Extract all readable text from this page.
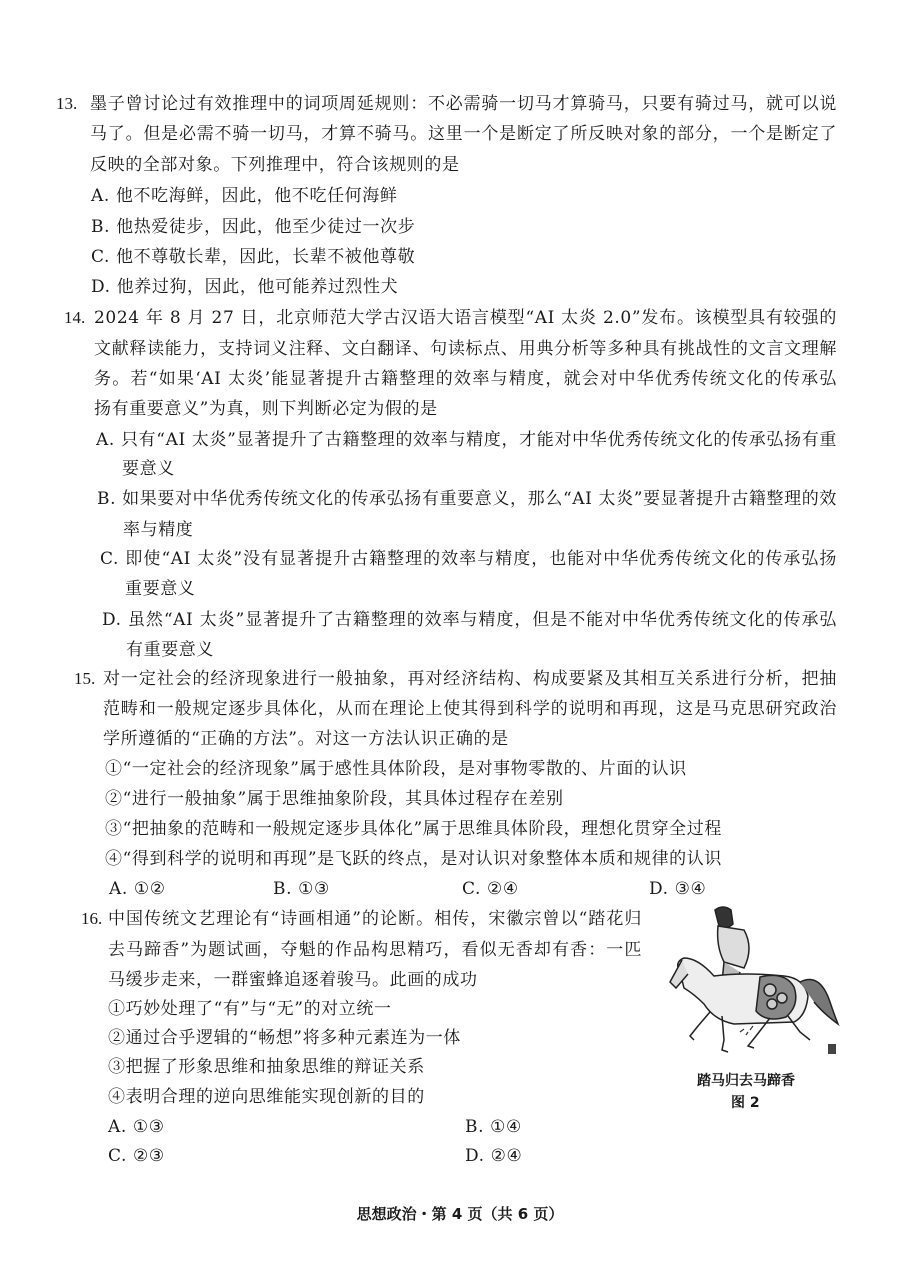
13. 墨子曾讨论过有效推理中的词项周延规则：不必需骑一切马才算骑马，只要有骑过马，就可以说
马了。但是必需不骑一切马，才算不骑马。这里一个是断定了所反映对象的部分，一个是断定了
反映的全部对象。下列推理中，符合该规则的是
A. 他不吃海鲜，因此，他不吃任何海鲜
B. 他热爱徒步，因此，他至少徒过一次步
C. 他不尊敬长辈，因此，长辈不被他尊敬
D. 他养过狗，因此，他可能养过烈性犬
14. 2024 年 8 月 27 日，北京师范大学古汉语大语言模型“AI 太炎 2.0”发布。该模型具有较强的
文献释读能力，支持词义注释、文白翻译、句读标点、用典分析等多种具有挑战性的文言文理解
务。若“如果‘AI 太炎’能显著提升古籍整理的效率与精度，就会对中华优秀传统文化的传承弘
扬有重要意义”为真，则下判断必定为假的是
A. 只有“AI 太炎”显著提升了古籍整理的效率与精度，才能对中华优秀传统文化的传承弘扬有重
要意义
B. 如果要对中华优秀传统文化的传承弘扬有重要意义，那么“AI 太炎”要显著提升古籍整理的效
率与精度
C. 即使“AI 太炎”没有显著提升古籍整理的效率与精度，也能对中华优秀传统文化的传承弘扬
重要意义
D. 虽然“AI 太炎”显著提升了古籍整理的效率与精度，但是不能对中华优秀传统文化的传承弘
有重要意义
15. 对一定社会的经济现象进行一般抽象，再对经济结构、构成要紧及其相互关系进行分析，把抽
范畴和一般规定逐步具体化，从而在理论上使其得到科学的说明和再现，这是马克思研究政治
学所遵循的“正确的方法”。对这一方法认识正确的是
①“一定社会的经济现象”属于感性具体阶段，是对事物零散的、片面的认识
②“进行一般抽象”属于思维抽象阶段，其具体过程存在差别
③“把抽象的范畴和一般规定逐步具体化”属于思维具体阶段，理想化贯穿全过程
④“得到科学的说明和再现”是飞跃的终点，是对认识对象整体本质和规律的认识
A. ①②	B. ①③	C. ②④	D. ③④
16. 中国传统文艺理论有“诗画相通”的论断。相传，宋徽宗曾以“踏花归
去马蹄香”为题试画，夺魁的作品构思精巧，看似无香却有香：一匹
马缓步走来，一群蜜蜂追逐着骏马。此画的成功
①巧妙处理了“有”与“无”的对立统一
②通过合乎逻辑的“畅想”将多种元素连为一体
③把握了形象思维和抽象思维的辩证关系
④表明合理的逆向思维能实现创新的目的
A. ①③	B. ①④
C. ②③	D. ②④
踏马归去马蹄香
图 2
思想政治・第 4 页（共 6 页）
